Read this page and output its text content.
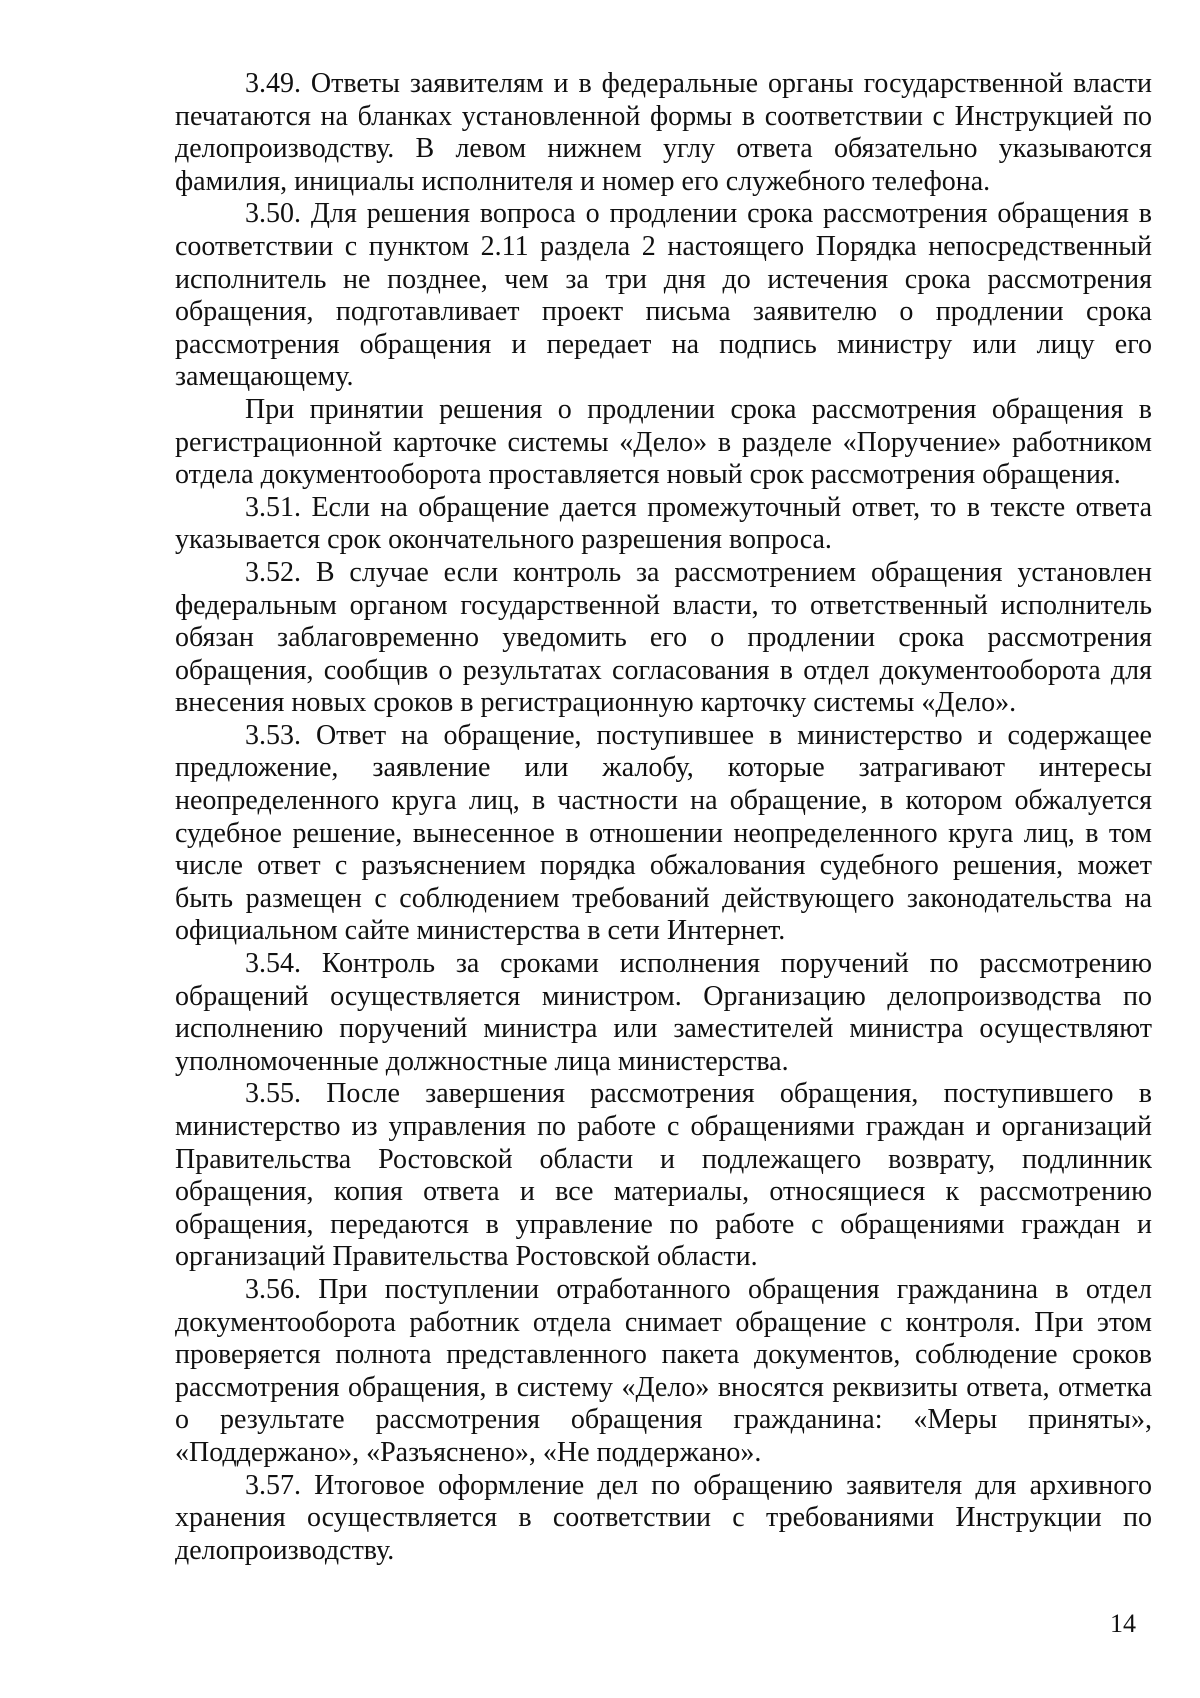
3.49. Ответы заявителям и в федеральные органы государственной власти печатаются на бланках установленной формы в соответствии с Инструкцией по делопроизводству. В левом нижнем углу ответа обязательно указываются фамилия, инициалы исполнителя и номер его служебного телефона.

3.50. Для решения вопроса о продлении срока рассмотрения обращения в соответствии с пунктом 2.11 раздела 2 настоящего Порядка непосредственный исполнитель не позднее, чем за три дня до истечения срока рассмотрения обращения, подготавливает проект письма заявителю о продлении срока рассмотрения обращения и передает на подпись министру или лицу его замещающему.

При принятии решения о продлении срока рассмотрения обращения в регистрационной карточке системы «Дело» в разделе «Поручение» работником отдела документооборота проставляется новый срок рассмотрения обращения.

3.51. Если на обращение дается промежуточный ответ, то в тексте ответа указывается срок окончательного разрешения вопроса.

3.52. В случае если контроль за рассмотрением обращения установлен федеральным органом государственной власти, то ответственный исполнитель обязан заблаговременно уведомить его о продлении срока рассмотрения обращения, сообщив о результатах согласования в отдел документооборота для внесения новых сроков в регистрационную карточку системы «Дело».

3.53. Ответ на обращение, поступившее в министерство и содержащее предложение, заявление или жалобу, которые затрагивают интересы неопределенного круга лиц, в частности на обращение, в котором обжалуется судебное решение, вынесенное в отношении неопределенного круга лиц, в том числе ответ с разъяснением порядка обжалования судебного решения, может быть размещен с соблюдением требований действующего законодательства на официальном сайте министерства в сети Интернет.

3.54. Контроль за сроками исполнения поручений по рассмотрению обращений осуществляется министром. Организацию делопроизводства по исполнению поручений министра или заместителей министра осуществляют уполномоченные должностные лица министерства.

3.55. После завершения рассмотрения обращения, поступившего в министерство из управления по работе с обращениями граждан и организаций Правительства Ростовской области и подлежащего возврату, подлинник обращения, копия ответа и все материалы, относящиеся к рассмотрению обращения, передаются в управление по работе с обращениями граждан и организаций Правительства Ростовской области.

3.56. При поступлении отработанного обращения гражданина в отдел документооборота работник отдела снимает обращение с контроля. При этом проверяется полнота представленного пакета документов, соблюдение сроков рассмотрения обращения, в систему «Дело» вносятся реквизиты ответа, отметка о результате рассмотрения обращения гражданина: «Меры приняты», «Поддержано», «Разъяснено», «Не поддержано».

3.57. Итоговое оформление дел по обращению заявителя для архивного хранения осуществляется в соответствии с требованиями Инструкции по делопроизводству.

14
